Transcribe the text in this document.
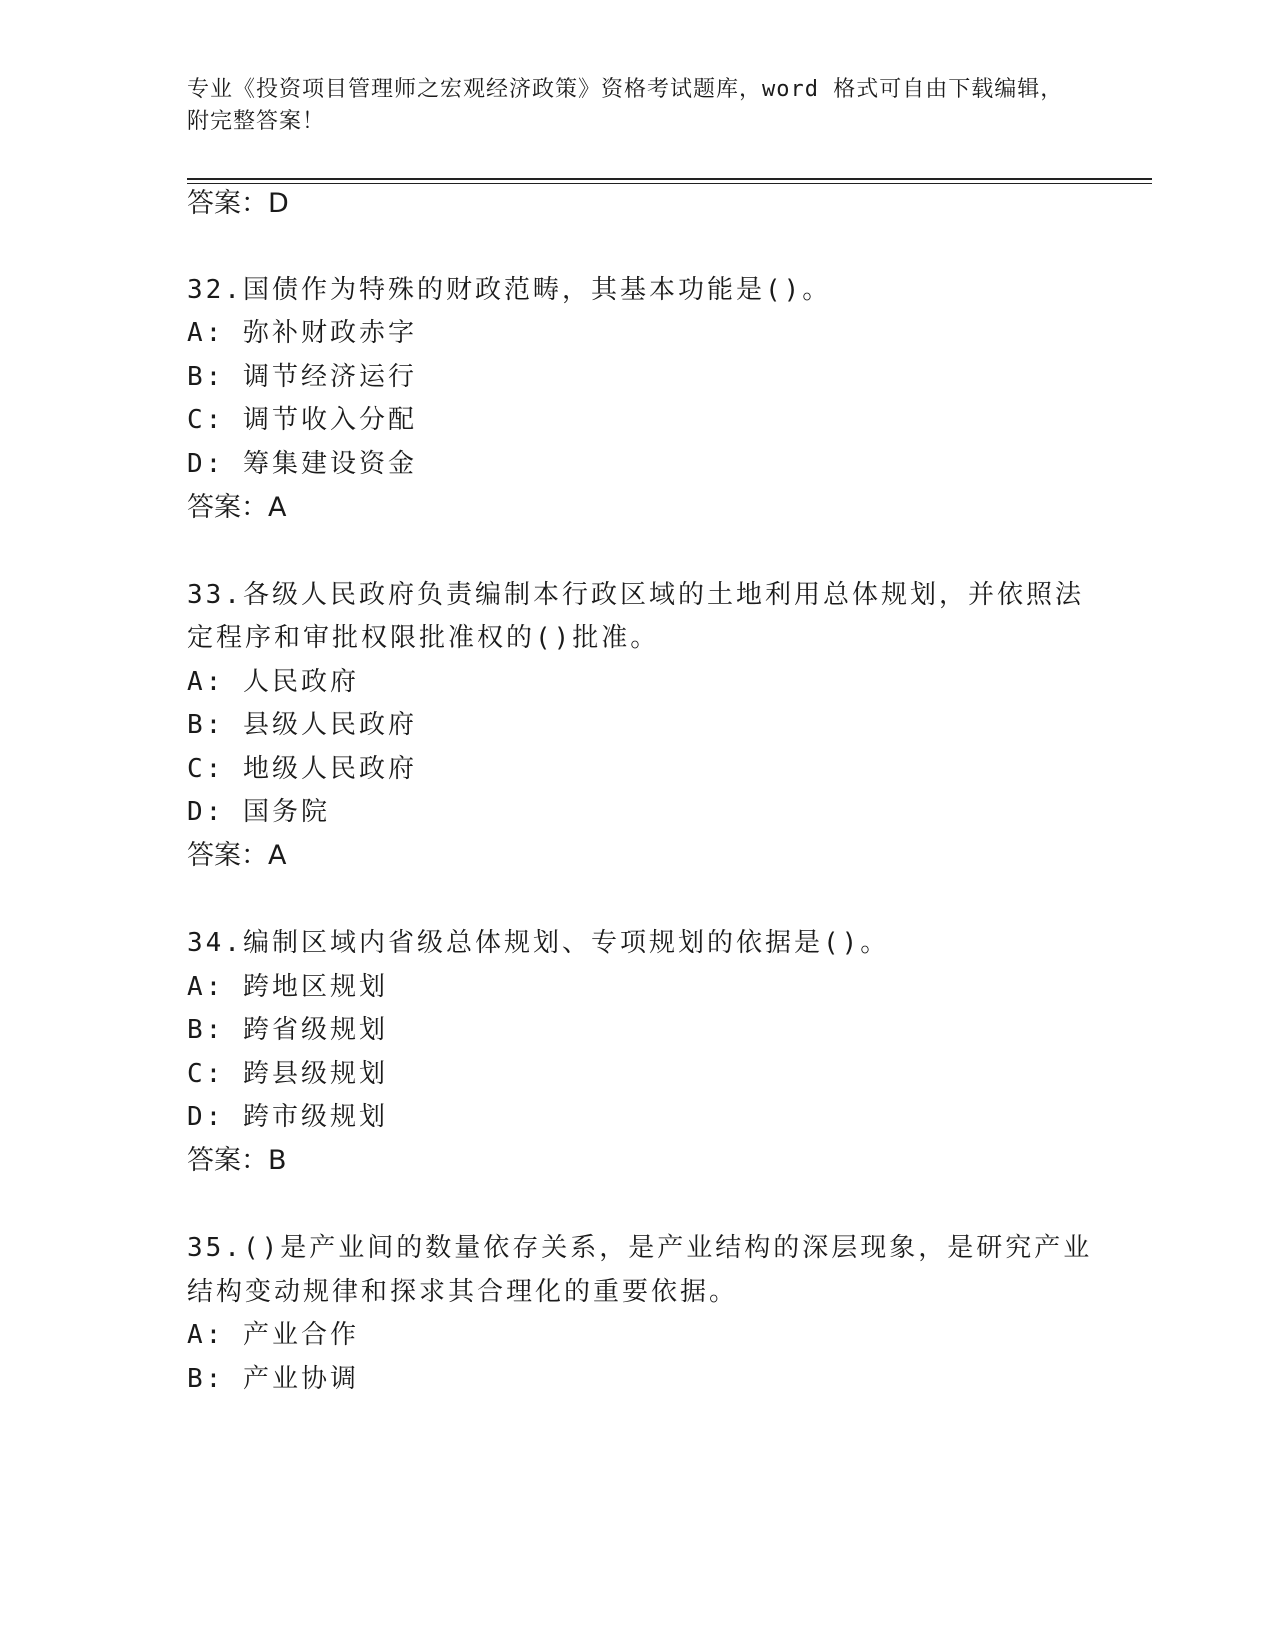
专业《投资项目管理师之宏观经济政策》资格考试题库，word 格式可自由下载编辑，附完整答案！
答案：D
32.国债作为特殊的财政范畴，其基本功能是()。
A: 弥补财政赤字
B: 调节经济运行
C: 调节收入分配
D: 筹集建设资金
答案：A
33.各级人民政府负责编制本行政区域的土地利用总体规划，并依照法
定程序和审批权限批准权的()批准。
A: 人民政府
B: 县级人民政府
C: 地级人民政府
D: 国务院
答案：A
34.编制区域内省级总体规划、专项规划的依据是()。
A: 跨地区规划
B: 跨省级规划
C: 跨县级规划
D: 跨市级规划
答案：B
35.()是产业间的数量依存关系，是产业结构的深层现象，是研究产业
结构变动规律和探求其合理化的重要依据。
A: 产业合作
B: 产业协调
